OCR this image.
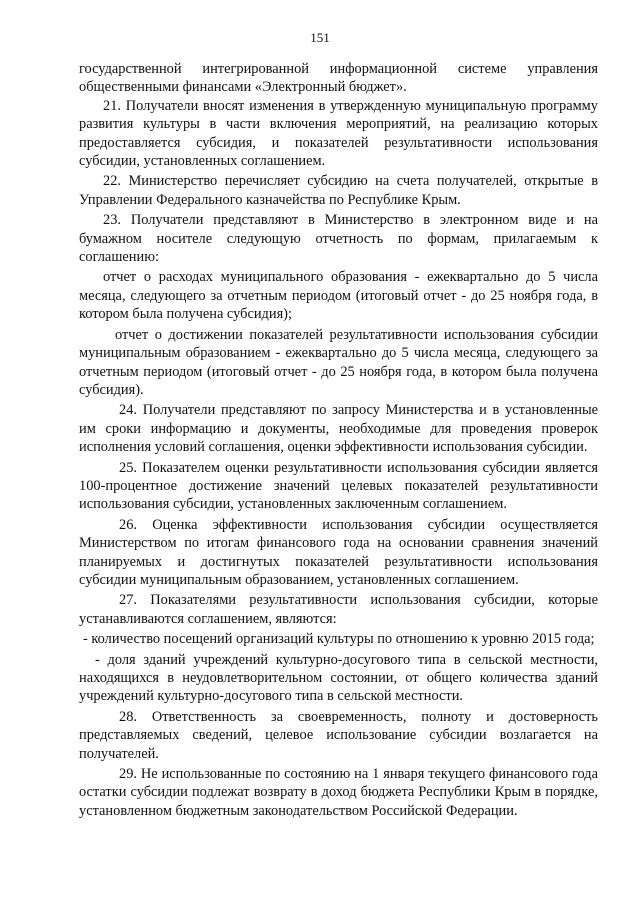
151

государственной интегрированной информационной системе управления общественными финансами «Электронный бюджет».

21. Получатели вносят изменения в утвержденную муниципальную программу развития культуры в части включения мероприятий, на реализацию которых предоставляется субсидия, и показателей результативности использования субсидии, установленных соглашением.

22. Министерство перечисляет субсидию на счета получателей, открытые в Управлении Федерального казначейства по Республике Крым.

23. Получатели представляют в Министерство в электронном виде и на бумажном носителе следующую отчетность по формам, прилагаемым к соглашению:

отчет о расходах муниципального образования - ежеквартально до 5 числа месяца, следующего за отчетным периодом (итоговый отчет - до 25 ноября года, в котором была получена субсидия);

отчет о достижении показателей результативности использования субсидии муниципальным образованием - ежеквартально до 5 числа месяца, следующего за отчетным периодом (итоговый отчет - до 25 ноября года, в котором была получена субсидия).

24. Получатели представляют по запросу Министерства и в установленные им сроки информацию и документы, необходимые для проведения проверок исполнения условий соглашения, оценки эффективности использования субсидии.

25. Показателем оценки результативности использования субсидии является 100-процентное достижение значений целевых показателей результативности использования субсидии, установленных заключенным соглашением.

26. Оценка эффективности использования субсидии осуществляется Министерством по итогам финансового года на основании сравнения значений планируемых и достигнутых показателей результативности использования субсидии муниципальным образованием, установленных соглашением.

27. Показателями результативности использования субсидии, которые устанавливаются соглашением, являются:

- количество посещений организаций культуры по отношению к уровню 2015 года;

- доля зданий учреждений культурно-досугового типа в сельской местности, находящихся в неудовлетворительном состоянии, от общего количества зданий учреждений культурно-досугового типа в сельской местности.

28. Ответственность за своевременность, полноту и достоверность представляемых сведений, целевое использование субсидии возлагается на получателей.

29. Не использованные по состоянию на 1 января текущего финансового года остатки субсидии подлежат возврату в доход бюджета Республики Крым в порядке, установленном бюджетным законодательством Российской Федерации.
